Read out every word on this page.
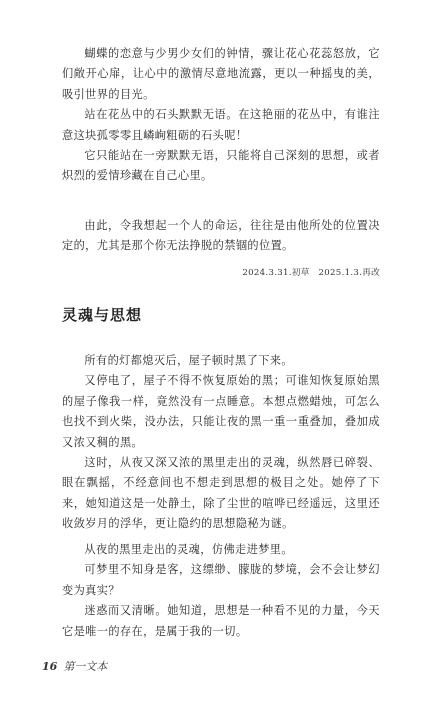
蝴蝶的恋意与少男少女们的钟情，骤让花心花蕊怒放，它们敞开心扉，让心中的激情尽意地流露，更以一种摇曳的美，吸引世界的目光。

站在花丛中的石头默默无语。在这艳丽的花丛中，有谁注意这块孤零零且嶙峋粗砺的石头呢！

它只能站在一旁默默无语，只能将自己深刻的思想，或者炽烈的爱情珍藏在自己心里。

由此，令我想起一个人的命运，往往是由他所处的位置决定的，尤其是那个你无法挣脱的禁锢的位置。

2024.3.31.初草　2025.1.3.再改
灵魂与思想

所有的灯都熄灭后，屋子顿时黑了下来。

又停电了，屋子不得不恢复原始的黑；可谁知恢复原始黑的屋子像我一样，竟然没有一点睡意。本想点燃蜡烛，可怎么也找不到火柴，没办法，只能让夜的黑一重一重叠加，叠加成又浓又稠的黑。

这时，从夜又深又浓的黑里走出的灵魂，纵然唇已碎裂、眼在飘摇，不经意间也不想走到思想的极目之处。她停了下来，她知道这是一处静土，除了尘世的喧哗已经遥远，这里还收敛岁月的浮华，更让隐约的思想隐秘为谜。

从夜的黑里走出的灵魂，仿佛走进梦里。

可梦里不知身是客，这缥缈、朦胧的梦境，会不会让梦幻变为真实？

迷惑而又清晰。她知道，思想是一种看不见的力量，今天它是唯一的存在，是属于我的一切。

16 第一文本
